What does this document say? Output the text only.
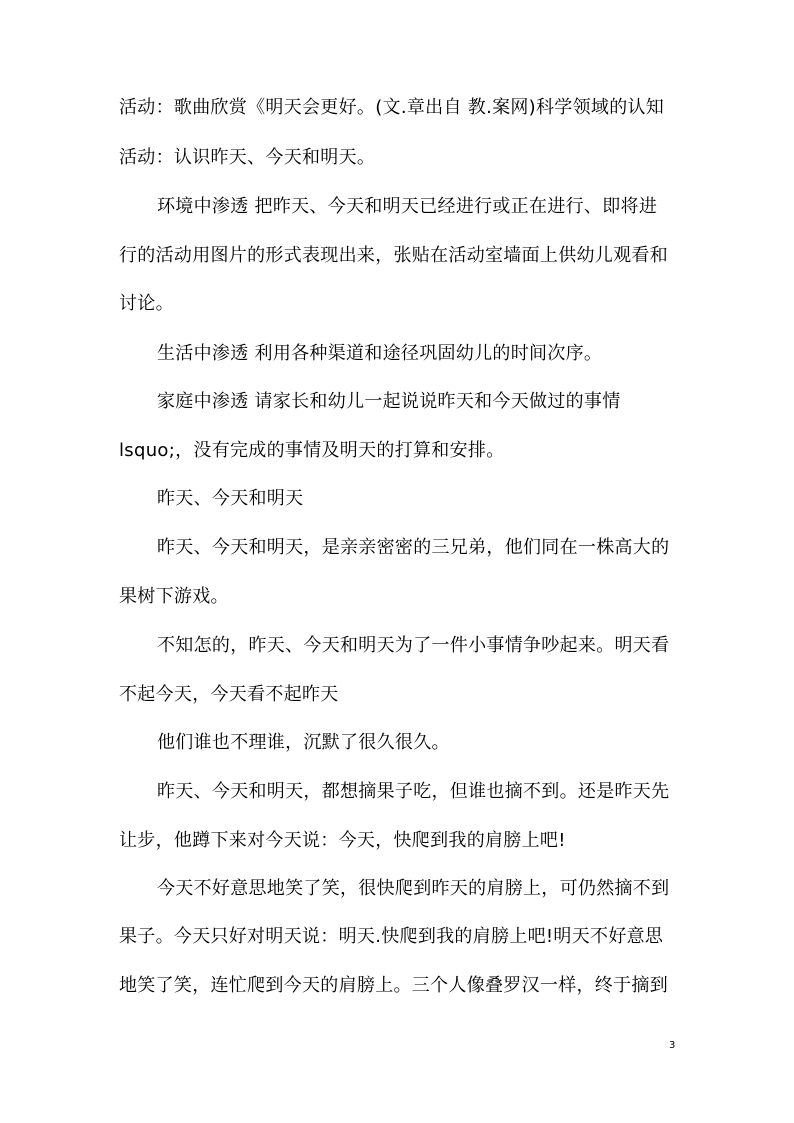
活动：歌曲欣赏《明天会更好。(文.章出自 教.案网)科学领域的认知
活动：认识昨天、今天和明天。
环境中渗透 把昨天、今天和明天已经进行或正在进行、即将进
行的活动用图片的形式表现出来，张贴在活动室墙面上供幼儿观看和
讨论。
生活中渗透 利用各种渠道和途径巩固幼儿的时间次序。
家庭中渗透 请家长和幼儿一起说说昨天和今天做过的事情
lsquo;，没有完成的事情及明天的打算和安排。
昨天、今天和明天
昨天、今天和明天，是亲亲密密的三兄弟，他们同在一株高大的
果树下游戏。
不知怎的，昨天、今天和明天为了一件小事情争吵起来。明天看
不起今天，今天看不起昨天
他们谁也不理谁，沉默了很久很久。
昨天、今天和明天，都想摘果子吃，但谁也摘不到。还是昨天先
让步，他蹲下来对今天说：今天，快爬到我的肩膀上吧!
今天不好意思地笑了笑，很快爬到昨天的肩膀上，可仍然摘不到
果子。今天只好对明天说：明天.快爬到我的肩膀上吧!明天不好意思
地笑了笑，连忙爬到今天的肩膀上。三个人像叠罗汉一样，终于摘到
3
